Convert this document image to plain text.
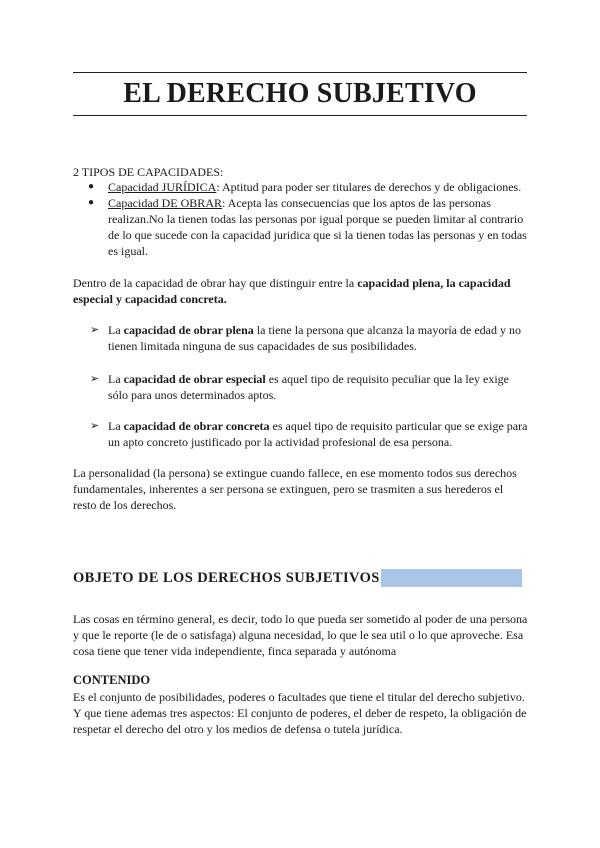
EL DERECHO SUBJETIVO

2 TIPOS DE CAPACIDADES:

●	Capacidad JURÍDICA: Aptitud para poder ser titulares de derechos y de obligaciones.
●	Capacidad DE OBRAR: Acepta las consecuencias que los aptos de las personas realizan.No la tienen todas las personas por igual porque se pueden limitar al contrario de lo que sucede con la capacidad juridica que si la tienen todas las personas y en todas es igual.

Dentro de la capacidad de obrar hay que distinguir entre la capacidad plena, la capacidad especial y capacidad concreta.

➢ La capacidad de obrar plena la tiene la persona que alcanza la mayoría de edad y no tienen limitada ninguna de sus capacidades de sus posibilidades.
➢ La capacidad de obrar especial es aquel tipo de requisito peculiar que la ley exige sólo para unos determinados aptos.
➢ La capacidad de obrar concreta es aquel tipo de requisito particular que se exige para un apto concreto justificado por la actividad profesional de esa persona.

La personalidad (la persona) se extingue cuando fallece, en ese momento todos sus derechos fundamentales, inherentes a ser persona se extinguen, pero se trasmiten a sus herederos el resto de los derechos.

OBJETO DE LOS DERECHOS SUBJETIVOS

Las cosas en término general, es decir, todo lo que pueda ser sometido al poder de una persona y que le reporte (le de o satisfaga) alguna necesidad, lo que le sea util o lo que aproveche. Esa cosa tiene que tener vida independiente, finca separada y autónoma

CONTENIDO

Es el conjunto de posibilidades, poderes o facultades que tiene el titular del derecho subjetivo. Y que tiene ademas tres aspectos: El conjunto de poderes, el deber de respeto, la obligación de respetar el derecho del otro y los medios de defensa o tutela jurídica.
